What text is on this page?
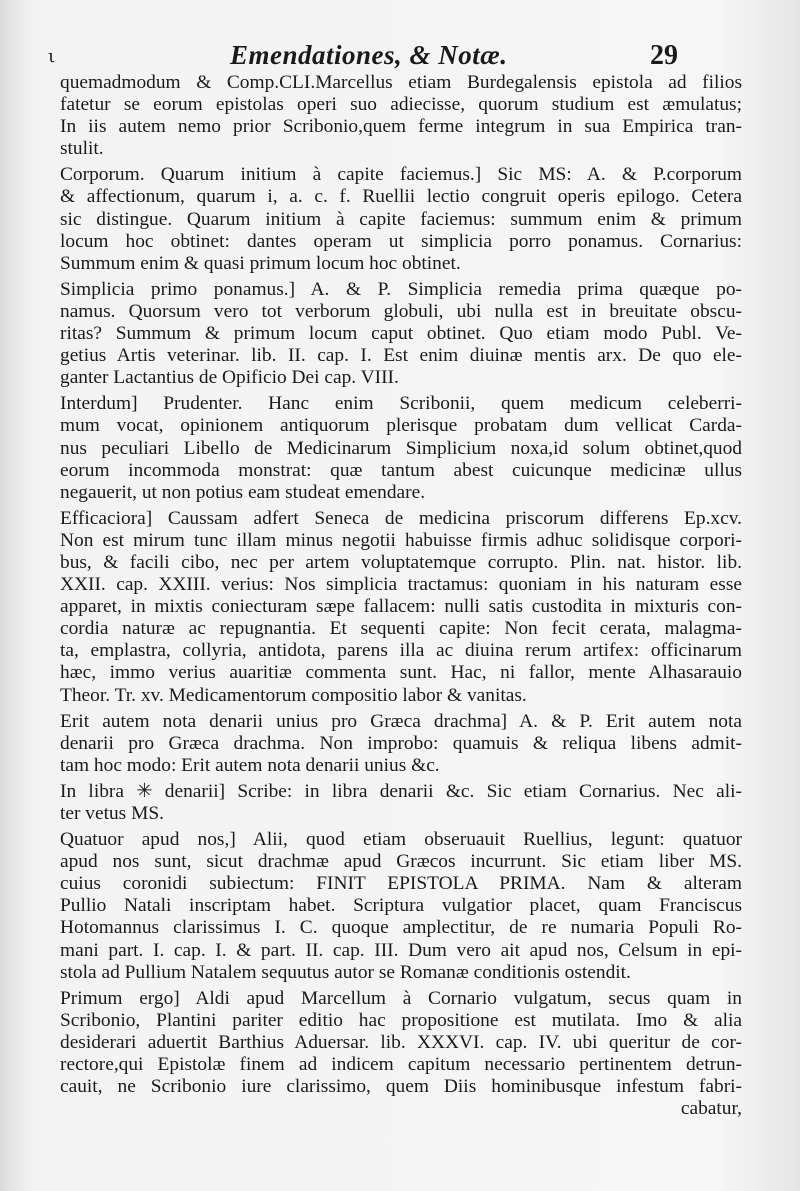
ι	Emendationes, & Notæ.	29
quemadmodum & Comp.CLI.Marcellus etiam Burdegalensis epistola ad filios
fatetur se eorum epistolas operi suo adiecisse, quorum studium est æmulatus;
In iis autem nemo prior Scribonio,quem ferme integrum in sua Empirica tran-
stulit.
Corporum. Quarum initium à capite faciemus.] Sic MS: A. & P.corporum
& affectionum, quarum i, a. c. f. Ruellii lectio congruit operis epilogo. Cetera
sic distingue. Quarum initium à capite faciemus: summum enim & primum
locum hoc obtinet: dantes operam ut simplicia porro ponamus. Cornarius:
Summum enim & quasi primum locum hoc obtinet.
Simplicia primo ponamus.] A. & P. Simplicia remedia prima quæque po-
namus. Quorsum vero tot verborum globuli, ubi nulla est in breuitate obscu-
ritas? Summum & primum locum caput obtinet. Quo etiam modo Publ. Ve-
getius Artis veterinar. lib. II. cap. I. Est enim diuinæ mentis arx. De quo ele-
ganter Lactantius de Opificio Dei cap. VIII.
Interdum] Prudenter. Hanc enim Scribonii, quem medicum celeberri-
mum vocat, opinionem antiquorum plerisque probatam dum vellicat Carda-
nus peculiari Libello de Medicinarum Simplicium noxa,id solum obtinet,quod
eorum incommoda monstrat: quæ tantum abest cuicunque medicinæ ullus
negauerit, ut non potius eam studeat emendare.
Efficaciora] Caussam adfert Seneca de medicina priscorum differens Ep.xcv.
Non est mirum tunc illam minus negotii habuisse firmis adhuc solidisque corpori-
bus, & facili cibo, nec per artem voluptatemque corrupto. Plin. nat. histor. lib.
XXII. cap. XXIII. verius: Nos simplicia tractamus: quoniam in his naturam esse
apparet, in mixtis coniecturam sæpe fallacem: nulli satis custodita in mixturis con-
cordia naturæ ac repugnantia. Et sequenti capite: Non fecit cerata, malagma-
ta, emplastra, collyria, antidota, parens illa ac diuina rerum artifex: officinarum
hæc, immo verius auaritiæ commenta sunt. Hac, ni fallor, mente Alhasarauio
Theor. Tr. xv. Medicamentorum compositio labor & vanitas.
Erit autem nota denarii unius pro Græca drachma] A. & P. Erit autem nota
denarii pro Græca drachma. Non improbo: quamuis & reliqua libens admit-
tam hoc modo: Erit autem nota denarii unius &c.
In libra ✳ denarii] Scribe: in libra denarii &c. Sic etiam Cornarius. Nec ali-
ter vetus MS.
Quatuor apud nos,] Alii, quod etiam obseruauit Ruellius, legunt: quatuor
apud nos sunt, sicut drachmæ apud Græcos incurrunt. Sic etiam liber MS.
cuius coronidi subiectum: FINIT EPISTOLA PRIMA. Nam & alteram
Pullio Natali inscriptam habet. Scriptura vulgatior placet, quam Franciscus
Hotomannus clarissimus I. C. quoque amplectitur, de re numaria Populi Ro-
mani part. I. cap. I. & part. II. cap. III. Dum vero ait apud nos, Celsum in epi-
stola ad Pullium Natalem sequutus autor se Romanæ conditionis ostendit.
Primum ergo] Aldi apud Marcellum à Cornario vulgatum, secus quam in
Scribonio, Plantini pariter editio hac propositione est mutilata. Imo & alia
desiderari aduertit Barthius Aduersar. lib. XXXVI. cap. IV. ubi queritur de cor-
rectore,qui Epistolæ finem ad indicem capitum necessario pertinentem detrun-
cauit, ne Scribonio iure clarissimo, quem Diis hominibusque infestum fabri-
cabatur,
